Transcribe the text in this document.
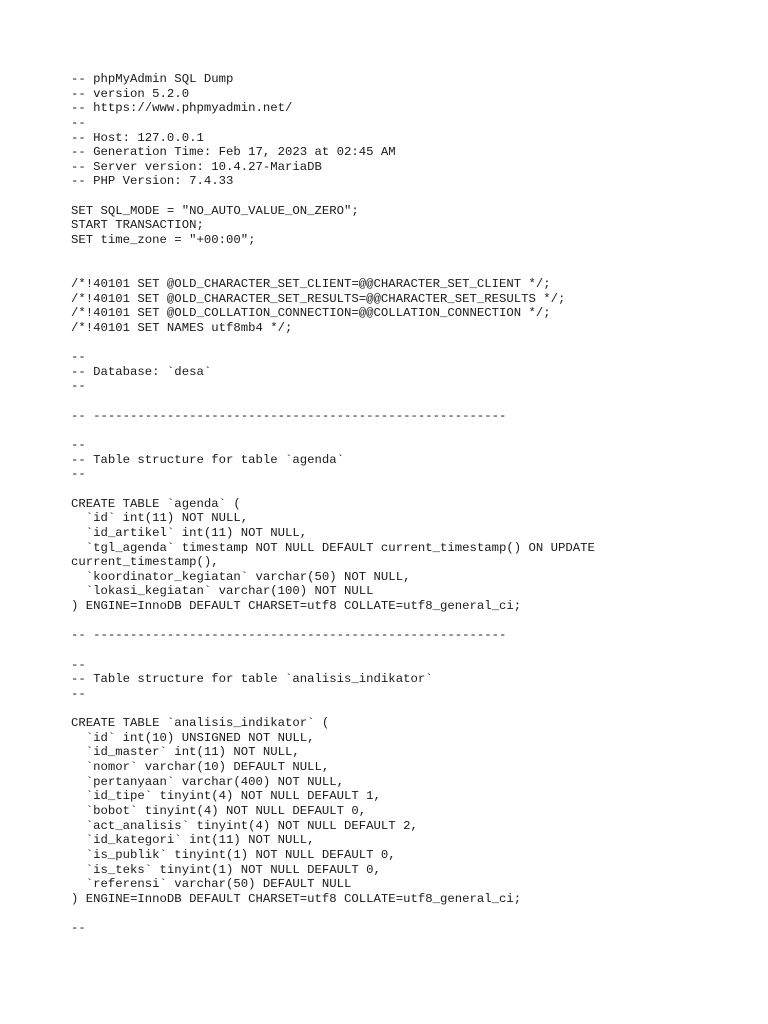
-- phpMyAdmin SQL Dump
-- version 5.2.0
-- https://www.phpmyadmin.net/
--
-- Host: 127.0.0.1
-- Generation Time: Feb 17, 2023 at 02:45 AM
-- Server version: 10.4.27-MariaDB
-- PHP Version: 7.4.33
SET SQL_MODE = "NO_AUTO_VALUE_ON_ZERO";
START TRANSACTION;
SET time_zone = "+00:00";
/*!40101 SET @OLD_CHARACTER_SET_CLIENT=@@CHARACTER_SET_CLIENT */;
/*!40101 SET @OLD_CHARACTER_SET_RESULTS=@@CHARACTER_SET_RESULTS */;
/*!40101 SET @OLD_COLLATION_CONNECTION=@@COLLATION_CONNECTION */;
/*!40101 SET NAMES utf8mb4 */;
--
-- Database: `desa`
--
-- --------------------------------------------------------
--
-- Table structure for table `agenda`
--
CREATE TABLE `agenda` (
`id` int(11) NOT NULL,
`id_artikel` int(11) NOT NULL,
`tgl_agenda` timestamp NOT NULL DEFAULT current_timestamp() ON UPDATE
current_timestamp(),
`koordinator_kegiatan` varchar(50) NOT NULL,
`lokasi_kegiatan` varchar(100) NOT NULL
) ENGINE=InnoDB DEFAULT CHARSET=utf8 COLLATE=utf8_general_ci;
-- --------------------------------------------------------
--
-- Table structure for table `analisis_indikator`
--
CREATE TABLE `analisis_indikator` (
`id` int(10) UNSIGNED NOT NULL,
`id_master` int(11) NOT NULL,
`nomor` varchar(10) DEFAULT NULL,
`pertanyaan` varchar(400) NOT NULL,
`id_tipe` tinyint(4) NOT NULL DEFAULT 1,
`bobot` tinyint(4) NOT NULL DEFAULT 0,
`act_analisis` tinyint(4) NOT NULL DEFAULT 2,
`id_kategori` int(11) NOT NULL,
`is_publik` tinyint(1) NOT NULL DEFAULT 0,
`is_teks` tinyint(1) NOT NULL DEFAULT 0,
`referensi` varchar(50) DEFAULT NULL
) ENGINE=InnoDB DEFAULT CHARSET=utf8 COLLATE=utf8_general_ci;
--
